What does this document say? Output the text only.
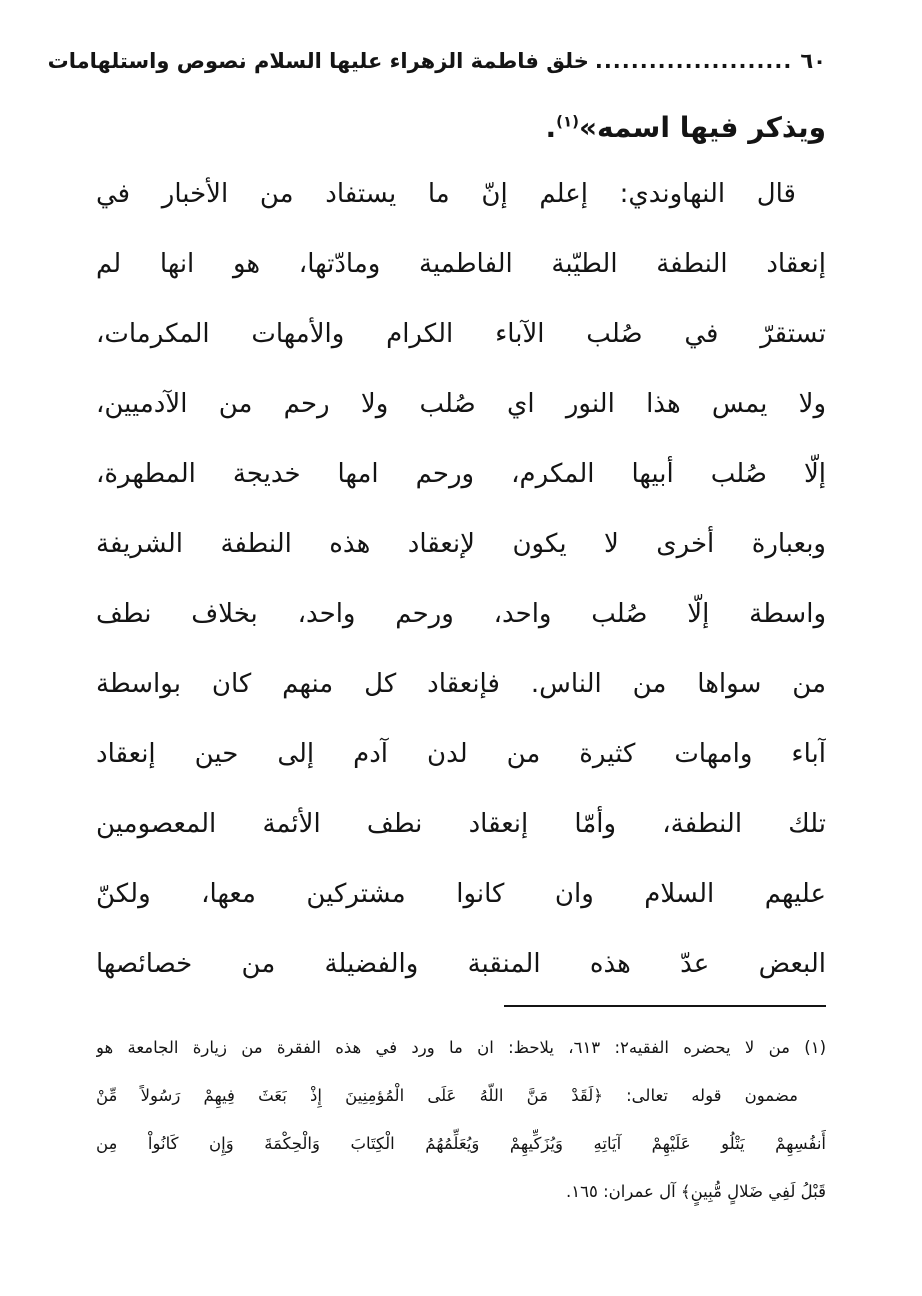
٦٠
......................
خلق فاطمة الزهراء عليها السلام نصوص واستلهامات
ويذكر فيها اسمه»$^{(١)}$.
قال النهاوندي: إعلم إنّ ما يستفاد من الأخبار في
إنعقاد النطفة الطيّبة الفاطمية ومادّتها، هو انها لم
تستقرّ في صُلب الآباء الكرام والأمهات المكرمات،
ولا يمس هذا النور اي صُلب ولا رحم من الآدميين،
إلّا صُلب أبيها المكرم، ورحم امها خديجة المطهرة،
وبعبارة أخرى لا يكون لإنعقاد هذه النطفة الشريفة
واسطة إلّا صُلب واحد، ورحم واحد، بخلاف نطف
من سواها من الناس. فإنعقاد كل منهم كان بواسطة
آباء وامهات كثيرة من لدن آدم إلى حين إنعقاد
تلك النطفة، وأمّا إنعقاد نطف الأئمة المعصومين
عليهم السلام وان كانوا مشتركين معها، ولكنّ
البعض عدّ هذه المنقبة والفضيلة من خصائصها
(١) من لا يحضره الفقيه٢: ٦١٣، يلاحظ: ان ما ورد في هذه الفقرة من زيارة الجامعة هو
مضمون قوله تعالى: ﴿لَقَدْ مَنَّ اللّهُ عَلَى الْمُؤمِنِينَ إِذْ بَعَثَ فِيهِمْ رَسُولاً مِّنْ
أَنفُسِهِمْ يَتْلُو عَلَيْهِمْ آيَاتِهِ وَيُزَكِّيهِمْ وَيُعَلِّمُهُمُ الْكِتَابَ وَالْحِكْمَةَ وَإِن كَانُواْ مِن
قَبْلُ لَفِي ضَلالٍ مُّبِينٍ﴾ آل عمران: ١٦٥.
